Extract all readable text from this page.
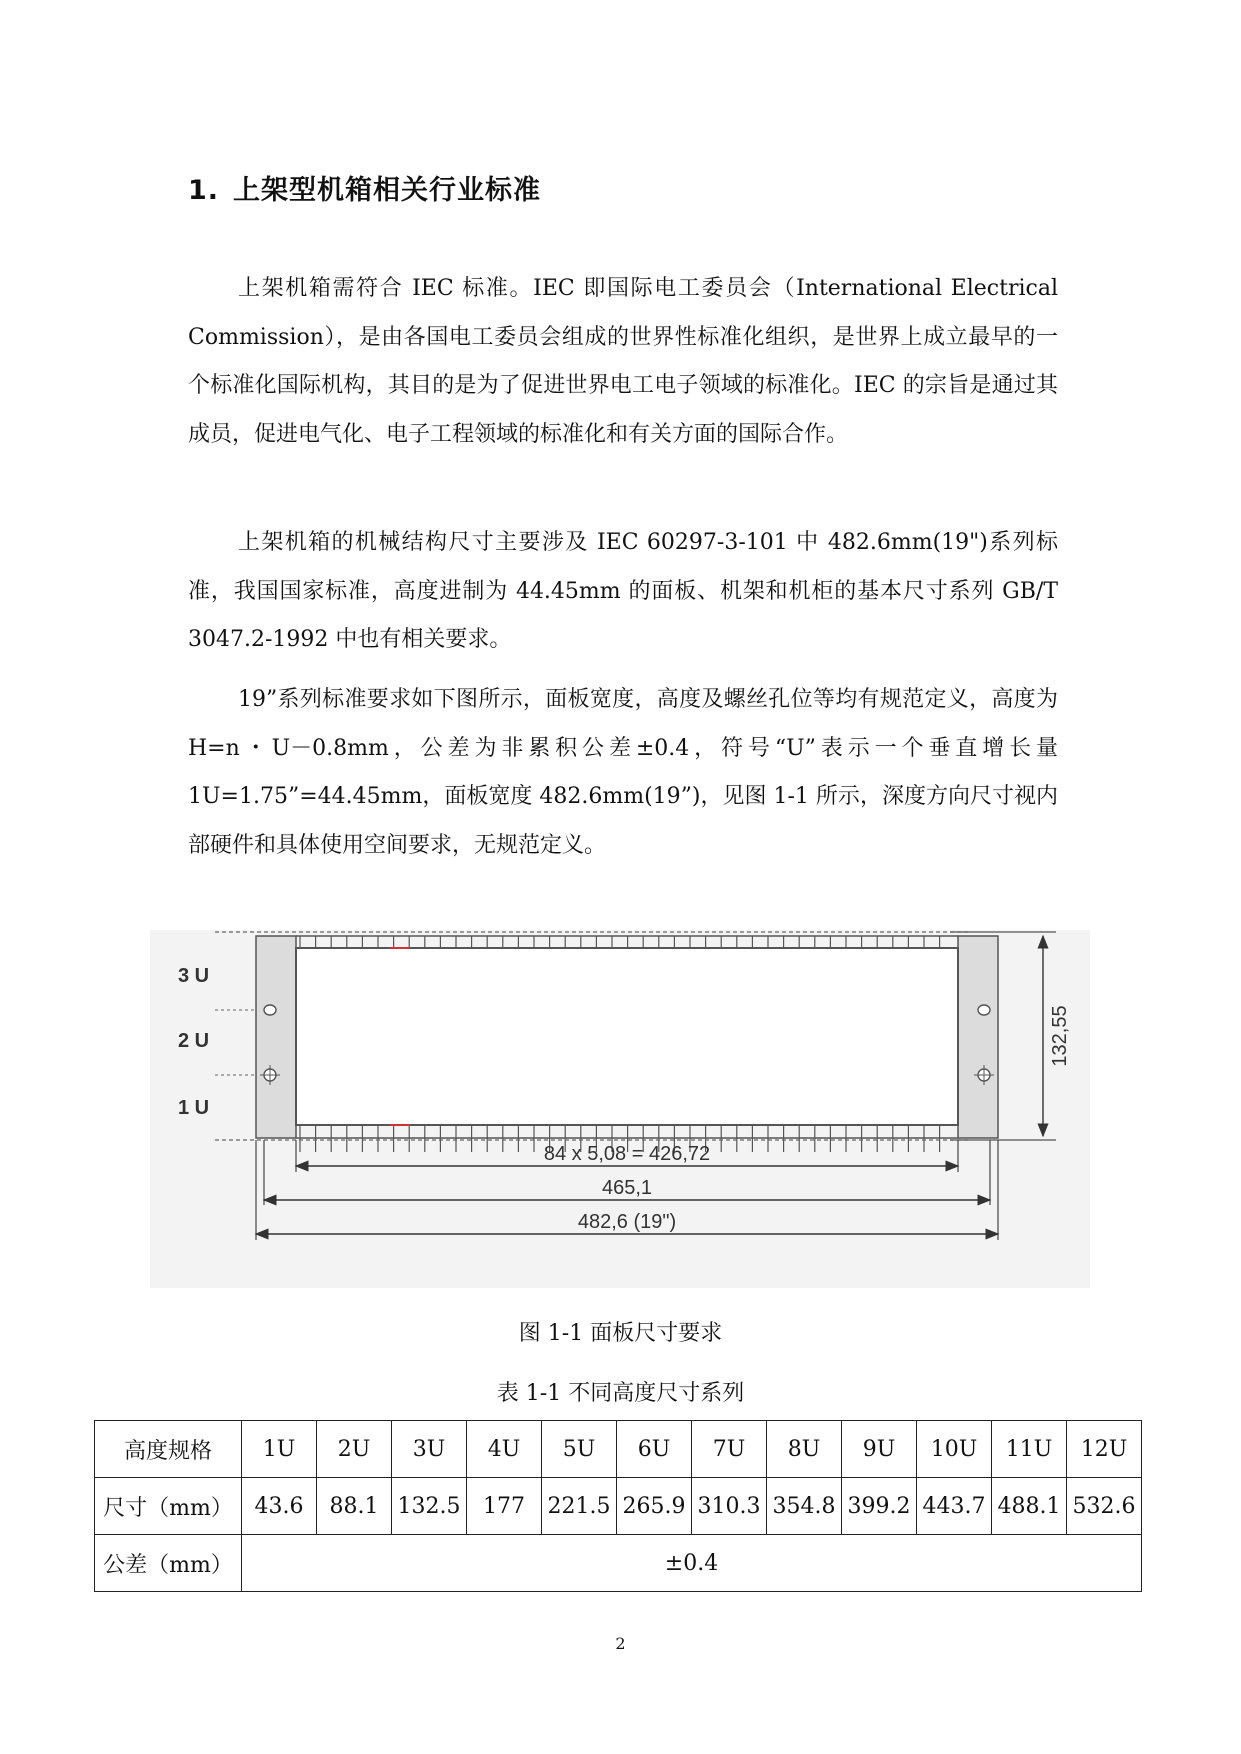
1. 上架型机箱相关行业标准

上架机箱需符合 IEC 标准。IEC 即国际电工委员会（International Electrical Commission），是由各国电工委员会组成的世界性标准化组织，是世界上成立最早的一个标准化国际机构，其目的是为了促进世界电工电子领域的标准化。IEC 的宗旨是通过其成员，促进电气化、电子工程领域的标准化和有关方面的国际合作。

上架机箱的机械结构尺寸主要涉及 IEC 60297-3-101 中 482.6mm(19")系列标准，我国国家标准，高度进制为 44.45mm 的面板、机架和机柜的基本尺寸系列 GB/T 3047.2-1992 中也有相关要求。

19”系列标准要求如下图所示，面板宽度，高度及螺丝孔位等均有规范定义，高度为 H=n・U－0.8mm，公差为非累积公差±0.4，符号“U”表示一个垂直增长量 1U=1.75”=44.45mm，面板宽度 482.6mm(19”)，见图 1-1 所示，深度方向尺寸视内部硬件和具体使用空间要求，无规范定义。

3 U
2 U
1 U
132,55
84 x 5,08 = 426,72
465,1
482,6 (19")

图 1-1 面板尺寸要求

表 1-1 不同高度尺寸系列

高度规格	1U	2U	3U	4U	5U	6U	7U	8U	9U	10U	11U	12U
尺寸（mm）	43.6	88.1	132.5	177	221.5	265.9	310.3	354.8	399.2	443.7	488.1	532.6
公差（mm）	±0.4											

2
